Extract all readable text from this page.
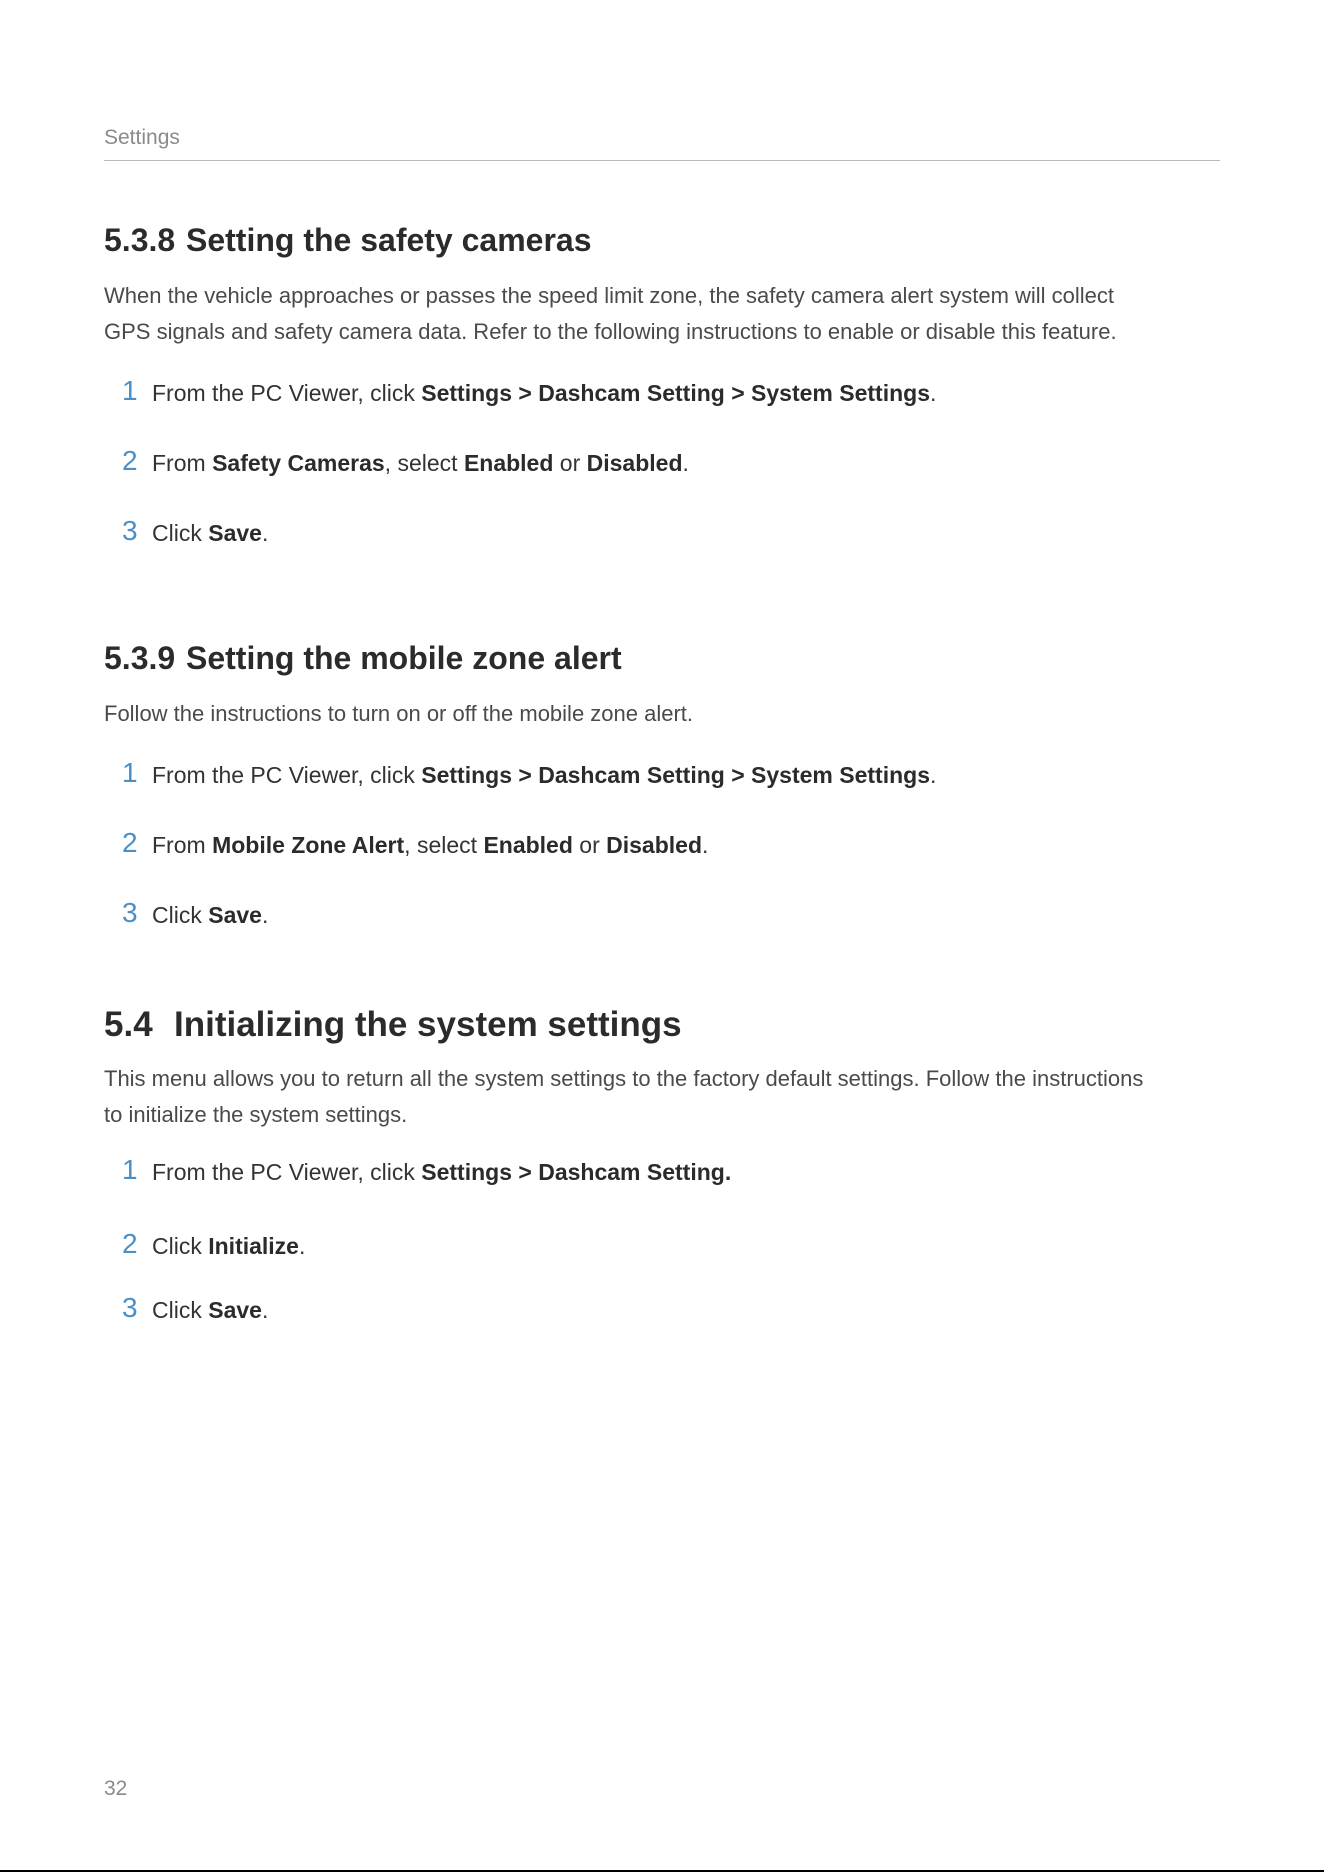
Settings
5.3.8 Setting the safety cameras

When the vehicle approaches or passes the speed limit zone, the safety camera alert system will collect
GPS signals and safety camera data. Refer to the following instructions to enable or disable this feature.

1 From the PC Viewer, click Settings > Dashcam Setting > System Settings.
2 From Safety Cameras, select Enabled or Disabled.
3 Click Save.
5.3.9 Setting the mobile zone alert

Follow the instructions to turn on or off the mobile zone alert.

1 From the PC Viewer, click Settings > Dashcam Setting > System Settings.
2 From Mobile Zone Alert, select Enabled or Disabled.
3 Click Save.
5.4 Initializing the system settings

This menu allows you to return all the system settings to the factory default settings. Follow the instructions
to initialize the system settings.

1 From the PC Viewer, click Settings > Dashcam Setting.
2 Click Initialize.
3 Click Save.
32
